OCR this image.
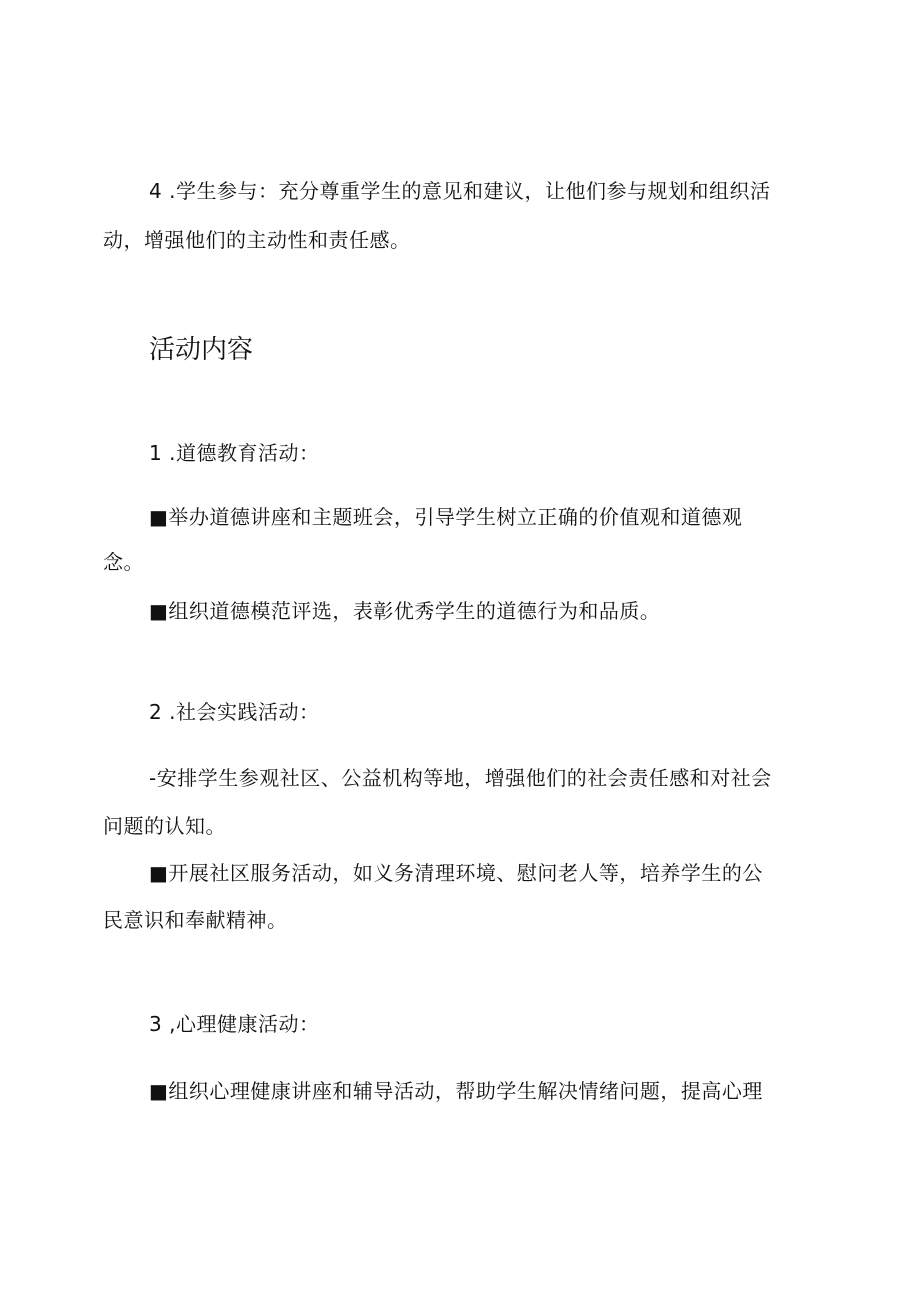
4 .学生参与：充分尊重学生的意见和建议，让他们参与规划和组织活
动，增强他们的主动性和责任感。
活动内容
1 .道德教育活动：
■举办道德讲座和主题班会，引导学生树立正确的价值观和道德观
念。
■组织道德模范评选，表彰优秀学生的道德行为和品质。
2 .社会实践活动：
-安排学生参观社区、公益机构等地，增强他们的社会责任感和对社会
问题的认知。
■开展社区服务活动，如义务清理环境、慰问老人等，培养学生的公
民意识和奉献精神。
3 ,心理健康活动：
■组织心理健康讲座和辅导活动，帮助学生解决情绪问题，提高心理
